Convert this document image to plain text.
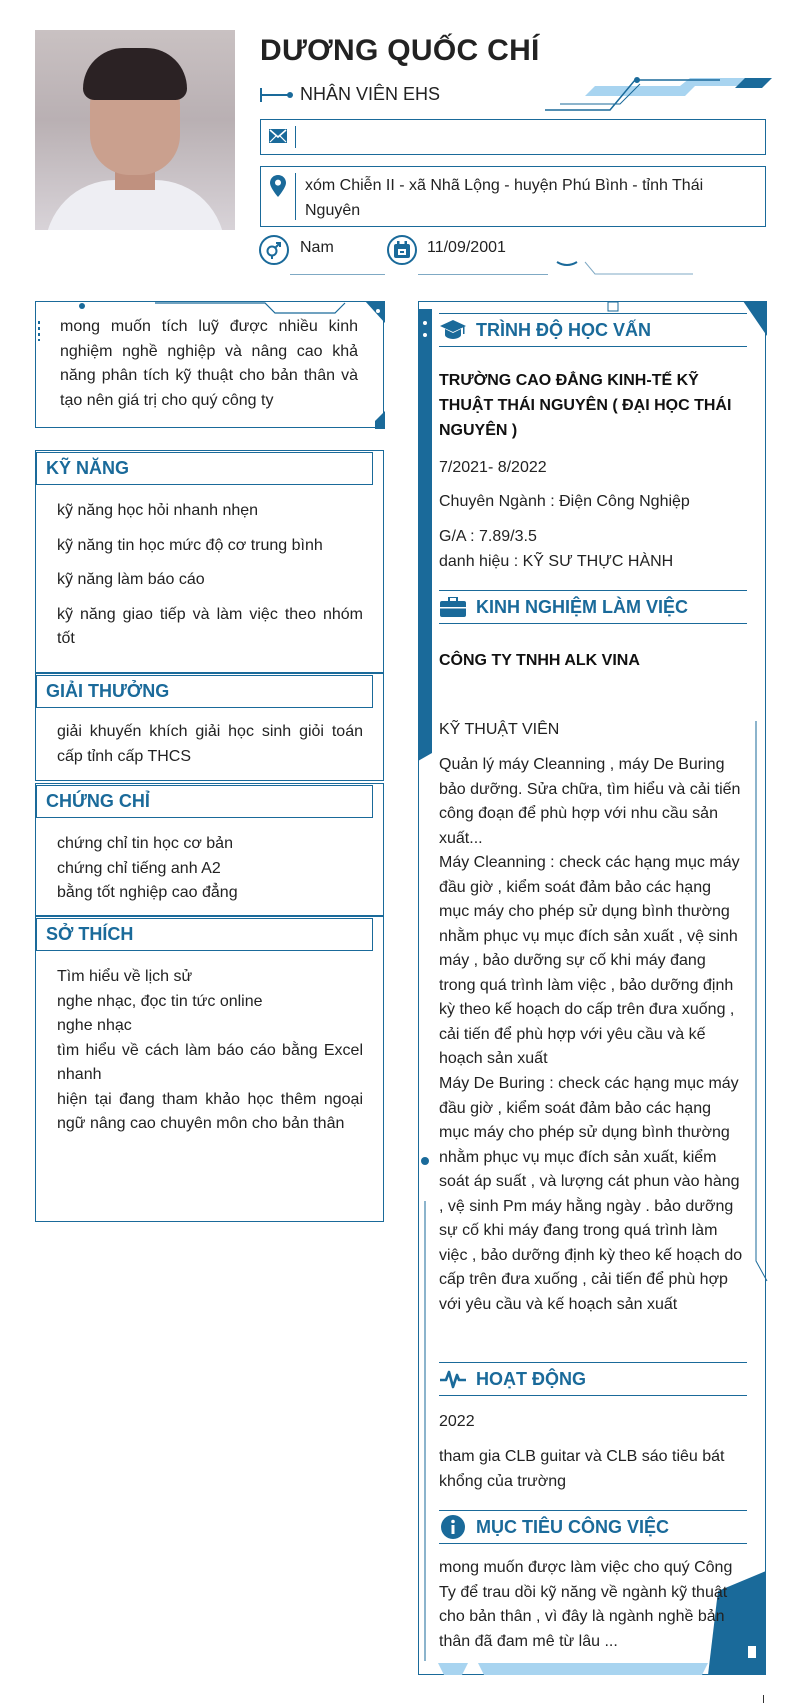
DƯƠNG QUỐC CHÍ
NHÂN VIÊN EHS
xóm Chiễn II - xã Nhã Lộng - huyện Phú Bình - tỉnh Thái Nguyên
Nam	11/09/2001
mong muốn tích luỹ được nhiều kinh nghiệm nghề nghiệp và nâng cao khả năng phân tích kỹ thuật cho bản thân và tạo nên giá trị cho quý công ty
KỸ NĂNG
kỹ năng học hỏi nhanh nhẹn
kỹ năng tin học mức độ cơ trung bình
kỹ năng làm báo cáo
kỹ năng giao tiếp và làm việc theo nhóm tốt
GIẢI THƯỞNG
giải khuyến khích giải học sinh giỏi toán cấp tỉnh cấp THCS
CHỨNG CHỈ
chứng chỉ tin học cơ bản
chứng chỉ tiếng anh A2
bằng tốt nghiệp cao đẳng
SỞ THÍCH
Tìm hiểu về lịch sử
nghe nhạc, đọc tin tức online
nghe nhạc
tìm hiểu về cách làm báo cáo bằng Excel nhanh
hiện tại đang tham khảo học thêm ngoại ngữ nâng cao chuyên môn cho bản thân
TRÌNH ĐỘ HỌC VẤN
TRƯỜNG CAO ĐẲNG KINH-TẾ KỸ THUẬT THÁI NGUYÊN ( ĐẠI HỌC THÁI NGUYÊN )
7/2021- 8/2022
Chuyên Ngành : Điện Công Nghiệp
G/A : 7.89/3.5
danh hiệu : KỸ SƯ THỰC HÀNH
KINH NGHIỆM LÀM VIỆC
CÔNG TY TNHH ALK VINA
KỸ THUẬT VIÊN
Quản lý máy Cleanning , máy De Buring bảo dưỡng. Sửa chữa, tìm hiểu và cải tiến công đoạn để phù hợp với nhu cầu sản xuất...
Máy Cleanning : check các hạng mục máy đầu giờ , kiểm soát đảm bảo các hạng mục máy cho phép sử dụng bình thường nhằm phục vụ mục đích sản xuất , vệ sinh máy , bảo dưỡng sự cố khi máy đang trong quá trình làm việc , bảo dưỡng định kỳ theo kế hoạch do cấp trên đưa xuống , cải tiến để phù hợp với yêu cầu và kế hoạch sản xuất
Máy De Buring : check các hạng mục máy đầu giờ , kiểm soát đảm bảo các hạng mục máy cho phép sử dụng bình thường nhằm phục vụ mục đích sản xuất, kiểm soát áp suất , và lượng cát phun vào hàng , vệ sinh Pm máy hằng ngày . bảo dưỡng sự cố khi máy đang trong quá trình làm việc , bảo dưỡng định kỳ theo kế hoạch do cấp trên đưa xuống , cải tiến để phù hợp với yêu cầu và kế hoạch sản xuất
HOẠT ĐỘNG
2022
tham gia CLB guitar và CLB sáo tiêu bát khổng của trường
MỤC TIÊU CÔNG VIỆC
mong muốn được làm việc cho quý Công Ty để trau dồi kỹ năng về ngành kỹ thuật cho bản thân , vì đây là ngành nghề bản thân đã đam mê từ lâu ...
